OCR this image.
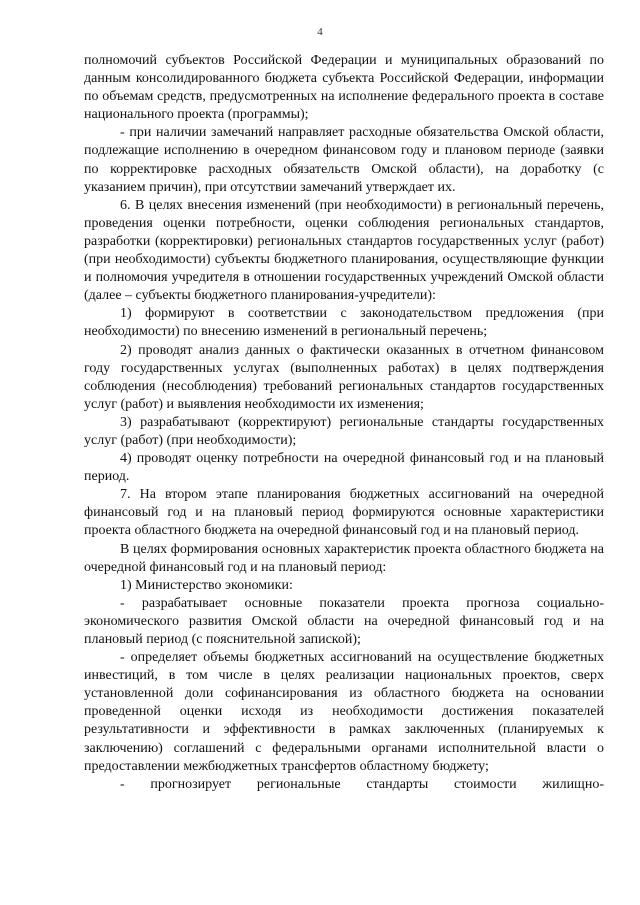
4

полномочий субъектов Российской Федерации и муниципальных образований по данным консолидированного бюджета субъекта Российской Федерации, информации по объемам средств, предусмотренных на исполнение федерального проекта в составе национального проекта (программы);

- при наличии замечаний направляет расходные обязательства Омской области, подлежащие исполнению в очередном финансовом году и плановом периоде (заявки по корректировке расходных обязательств Омской области), на доработку (с указанием причин), при отсутствии замечаний утверждает их.

6. В целях внесения изменений (при необходимости) в региональный перечень, проведения оценки потребности, оценки соблюдения региональных стандартов, разработки (корректировки) региональных стандартов государственных услуг (работ) (при необходимости) субъекты бюджетного планирования, осуществляющие функции и полномочия учредителя в отношении государственных учреждений Омской области (далее – субъекты бюджетного планирования-учредители):

1) формируют в соответствии с законодательством предложения (при необходимости) по внесению изменений в региональный перечень;

2) проводят анализ данных о фактически оказанных в отчетном финансовом году государственных услугах (выполненных работах) в целях подтверждения соблюдения (несоблюдения) требований региональных стандартов государственных услуг (работ) и выявления необходимости их изменения;

3) разрабатывают (корректируют) региональные стандарты государственных услуг (работ) (при необходимости);

4) проводят оценку потребности на очередной финансовый год и на плановый период.

7. На втором этапе планирования бюджетных ассигнований на очередной финансовый год и на плановый период формируются основные характеристики проекта областного бюджета на очередной финансовый год и на плановый период.

В целях формирования основных характеристик проекта областного бюджета на очередной финансовый год и на плановый период:

1) Министерство экономики:

- разрабатывает основные показатели проекта прогноза социально-экономического развития Омской области на очередной финансовый год и на плановый период (с пояснительной запиской);

- определяет объемы бюджетных ассигнований на осуществление бюджетных инвестиций, в том числе в целях реализации национальных проектов, сверх установленной доли софинансирования из областного бюджета на основании проведенной оценки исходя из необходимости достижения показателей результативности и эффективности в рамках заключенных (планируемых к заключению) соглашений с федеральными органами исполнительной власти о предоставлении межбюджетных трансфертов областному бюджету;

- прогнозирует региональные стандарты стоимости жилищно-
